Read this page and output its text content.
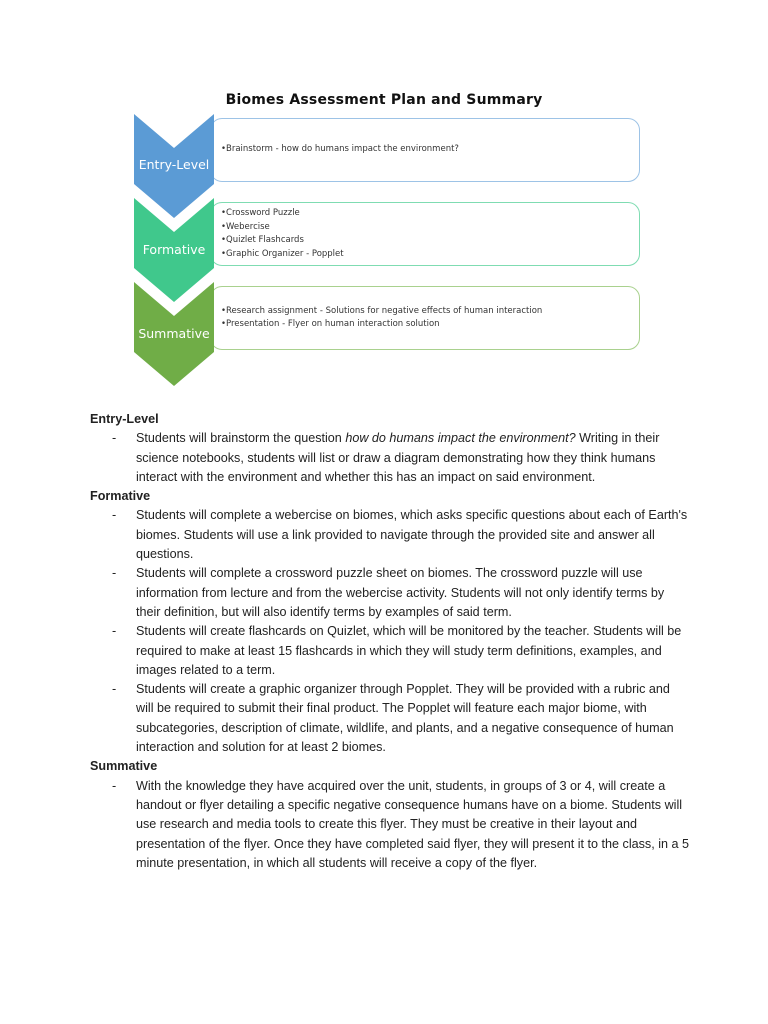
Biomes Assessment Plan and Summary
•Brainstorm - how do humans impact the environment?
Entry-Level
•Crossword Puzzle
•Webercise
•Quizlet Flashcards
•Graphic Organizer - Popplet
Formative
•Research assignment - Solutions for negative effects of human interaction
•Presentation - Flyer on human interaction solution
Summative
Entry-Level
- Students will brainstorm the question how do humans impact the environment? Writing in their science notebooks, students will list or draw a diagram demonstrating how they think humans interact with the environment and whether this has an impact on said environment.
Formative
- Students will complete a webercise on biomes, which asks specific questions about each of Earth's biomes. Students will use a link provided to navigate through the provided site and answer all questions.
- Students will complete a crossword puzzle sheet on biomes. The crossword puzzle will use information from lecture and from the webercise activity. Students will not only identify terms by their definition, but will also identify terms by examples of said term.
- Students will create flashcards on Quizlet, which will be monitored by the teacher. Students will be required to make at least 15 flashcards in which they will study term definitions, examples, and images related to a term.
- Students will create a graphic organizer through Popplet. They will be provided with a rubric and will be required to submit their final product. The Popplet will feature each major biome, with subcategories, description of climate, wildlife, and plants, and a negative consequence of human interaction and solution for at least 2 biomes.
Summative
- With the knowledge they have acquired over the unit, students, in groups of 3 or 4, will create a handout or flyer detailing a specific negative consequence humans have on a biome. Students will use research and media tools to create this flyer. They must be creative in their layout and presentation of the flyer. Once they have completed said flyer, they will present it to the class, in a 5 minute presentation, in which all students will receive a copy of the flyer.
